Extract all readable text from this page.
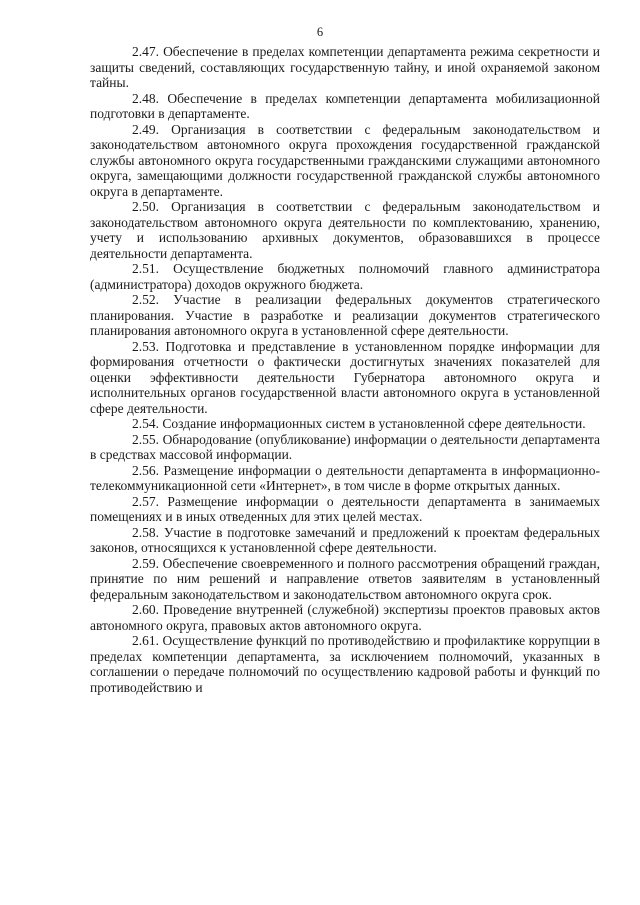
6

2.47. Обеспечение в пределах компетенции департамента режима секретности и защиты сведений, составляющих государственную тайну, и иной охраняемой законом тайны.

2.48. Обеспечение в пределах компетенции департамента мобилизационной подготовки в департаменте.

2.49. Организация в соответствии с федеральным законодательством и законодательством автономного округа прохождения государственной гражданской службы автономного округа государственными гражданскими служащими автономного округа, замещающими должности государственной гражданской службы автономного округа в департаменте.

2.50. Организация в соответствии с федеральным законодательством и законодательством автономного округа деятельности по комплектованию, хранению, учету и использованию архивных документов, образовавшихся в процессе деятельности департамента.

2.51. Осуществление бюджетных полномочий главного администратора (администратора) доходов окружного бюджета.

2.52. Участие в реализации федеральных документов стратегического планирования. Участие в разработке и реализации документов стратегического планирования автономного округа в установленной сфере деятельности.

2.53. Подготовка и представление в установленном порядке информации для формирования отчетности о фактически достигнутых значениях показателей для оценки эффективности деятельности Губернатора автономного округа и исполнительных органов государственной власти автономного округа в установленной сфере деятельности.

2.54. Создание информационных систем в установленной сфере деятельности.

2.55. Обнародование (опубликование) информации о деятельности департамента в средствах массовой информации.

2.56. Размещение информации о деятельности департамента в информационно-телекоммуникационной сети «Интернет», в том числе в форме открытых данных.

2.57. Размещение информации о деятельности департамента в занимаемых помещениях и в иных отведенных для этих целей местах.

2.58. Участие в подготовке замечаний и предложений к проектам федеральных законов, относящихся к установленной сфере деятельности.

2.59. Обеспечение своевременного и полного рассмотрения обращений граждан, принятие по ним решений и направление ответов заявителям в установленный федеральным законодательством и законодательством автономного округа срок.

2.60. Проведение внутренней (служебной) экспертизы проектов правовых актов автономного округа, правовых актов автономного округа.

2.61. Осуществление функций по противодействию и профилактике коррупции в пределах компетенции департамента, за исключением полномочий, указанных в соглашении о передаче полномочий по осуществлению кадровой работы и функций по противодействию и
